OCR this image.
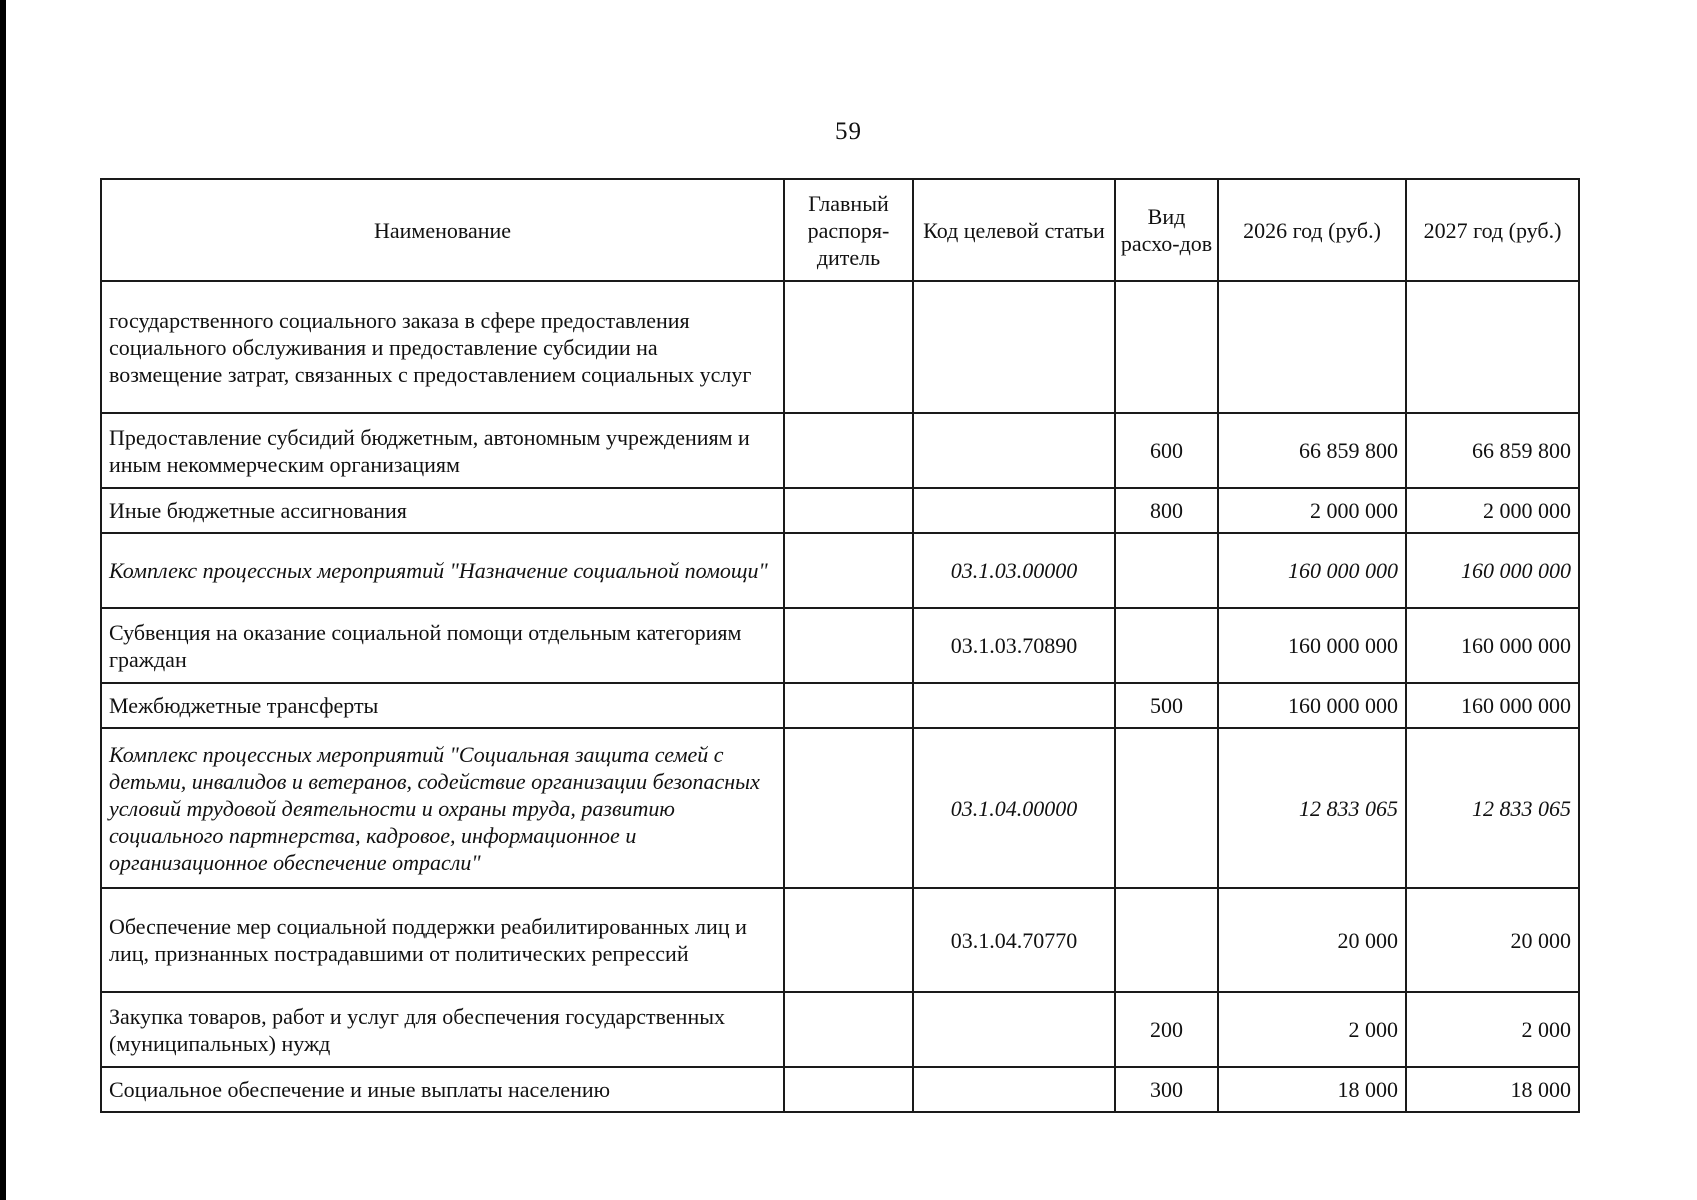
59
Наименование	Главный распоря-дитель	Код целевой статьи	Вид расхо-дов	2026 год (руб.)	2027 год (руб.)
государственного социального заказа в сфере предоставления социального обслуживания и предоставление субсидии на возмещение затрат, связанных с предоставлением социальных услуг					
Предоставление субсидий бюджетным, автономным учреждениям и иным некоммерческим организациям			600	66 859 800	66 859 800
Иные бюджетные ассигнования			800	2 000 000	2 000 000
Комплекс процессных мероприятий "Назначение социальной помощи"		03.1.03.00000		160 000 000	160 000 000
Субвенция на оказание социальной помощи отдельным категориям граждан		03.1.03.70890		160 000 000	160 000 000
Межбюджетные трансферты			500	160 000 000	160 000 000
Комплекс процессных мероприятий "Социальная защита семей с детьми, инвалидов и ветеранов, содействие организации безопасных условий трудовой деятельности и охраны труда, развитию социального партнерства, кадровое, информационное и организационное обеспечение отрасли"		03.1.04.00000		12 833 065	12 833 065
Обеспечение мер социальной поддержки реабилитированных лиц и лиц, признанных пострадавшими от политических репрессий		03.1.04.70770		20 000	20 000
Закупка товаров, работ и услуг для обеспечения государственных (муниципальных) нужд			200	2 000	2 000
Социальное обеспечение и иные выплаты населению			300	18 000	18 000
